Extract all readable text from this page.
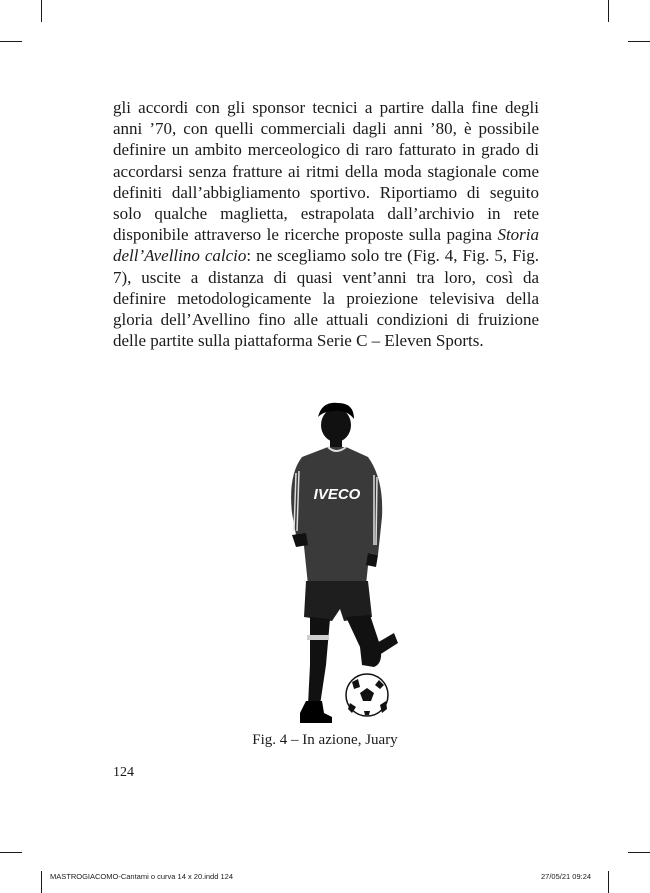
gli accordi con gli sponsor tecnici a partire dalla fine degli anni ’70, con quelli commerciali dagli anni ’80, è possibile definire un ambito merceologico di raro fatturato in grado di accordarsi senza fratture ai ritmi della moda stagionale come definiti dall’abbigliamento sportivo. Riportiamo di seguito solo qualche maglietta, estrapolata dall’archivio in rete disponibile attraverso le ricerche proposte sulla pagina Storia dell’Avellino calcio: ne scegliamo solo tre (Fig. 4, Fig. 5, Fig. 7), uscite a distanza di quasi vent’anni tra loro, così da definire metodologicamente la proiezione televisiva della gloria dell’Avellino fino alle attuali condizioni di fruizione delle partite sulla piattaforma Serie C – Eleven Sports.

IVECO

Fig. 4 – In azione, Juary

124

MASTROGIACOMO-Cantami o curva 14 x 20.indd 124	27/05/21 09:24
